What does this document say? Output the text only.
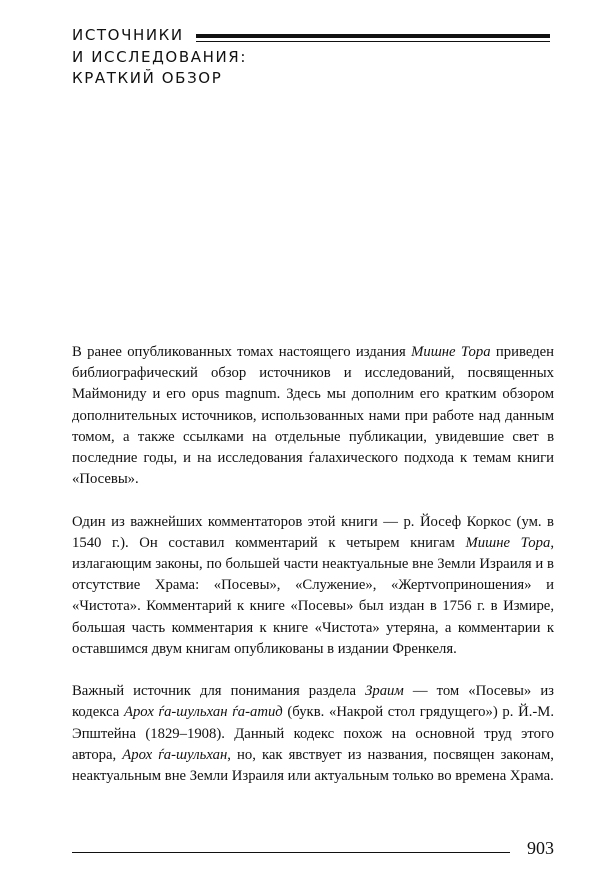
ИСТОЧНИКИ
И ИССЛЕДОВАНИЯ:
КРАТКИЙ ОБЗОР

В ранее опубликованных томах настоящего издания Мишне Тора приведен библиографический обзор источников и исследований, посвященных Маймониду и его opus magnum. Здесь мы дополним его кратким обзором дополнительных источников, использованных нами при работе над данным томом, а также ссылками на отдельные публикации, увидевшие свет в последние годы, и на исследования ѓалахического подхода к темам книги «Посевы».

Один из важнейших комментаторов этой книги — р. Йосеф Коркос (ум. в 1540 г.). Он составил комментарий к четырем книгам Мишне Тора, излагающим законы, по большей части неактуальные вне Земли Израиля и в отсутствие Храма: «Посевы», «Служение», «Жертvоприношения» и «Чистота». Комментарий к книге «Посевы» был издан в 1756 г. в Измире, большая часть комментария к книге «Чистота» утеряна, а комментарии к оставшимся двум книгам опубликованы в издании Френкеля.

Важный источник для понимания раздела Зраим — том «Посевы» из кодекса Арох ѓа-шульхан ѓа-атид (букв. «Накрой стол грядущего») р. Й.-М. Эпштейна (1829–1908). Данный кодекс похож на основной труд этого автора, Арох ѓа-шульхан, но, как явствует из названия, посвящен законам, неактуальным вне Земли Израиля или актуальным только во времена Храма.

903
